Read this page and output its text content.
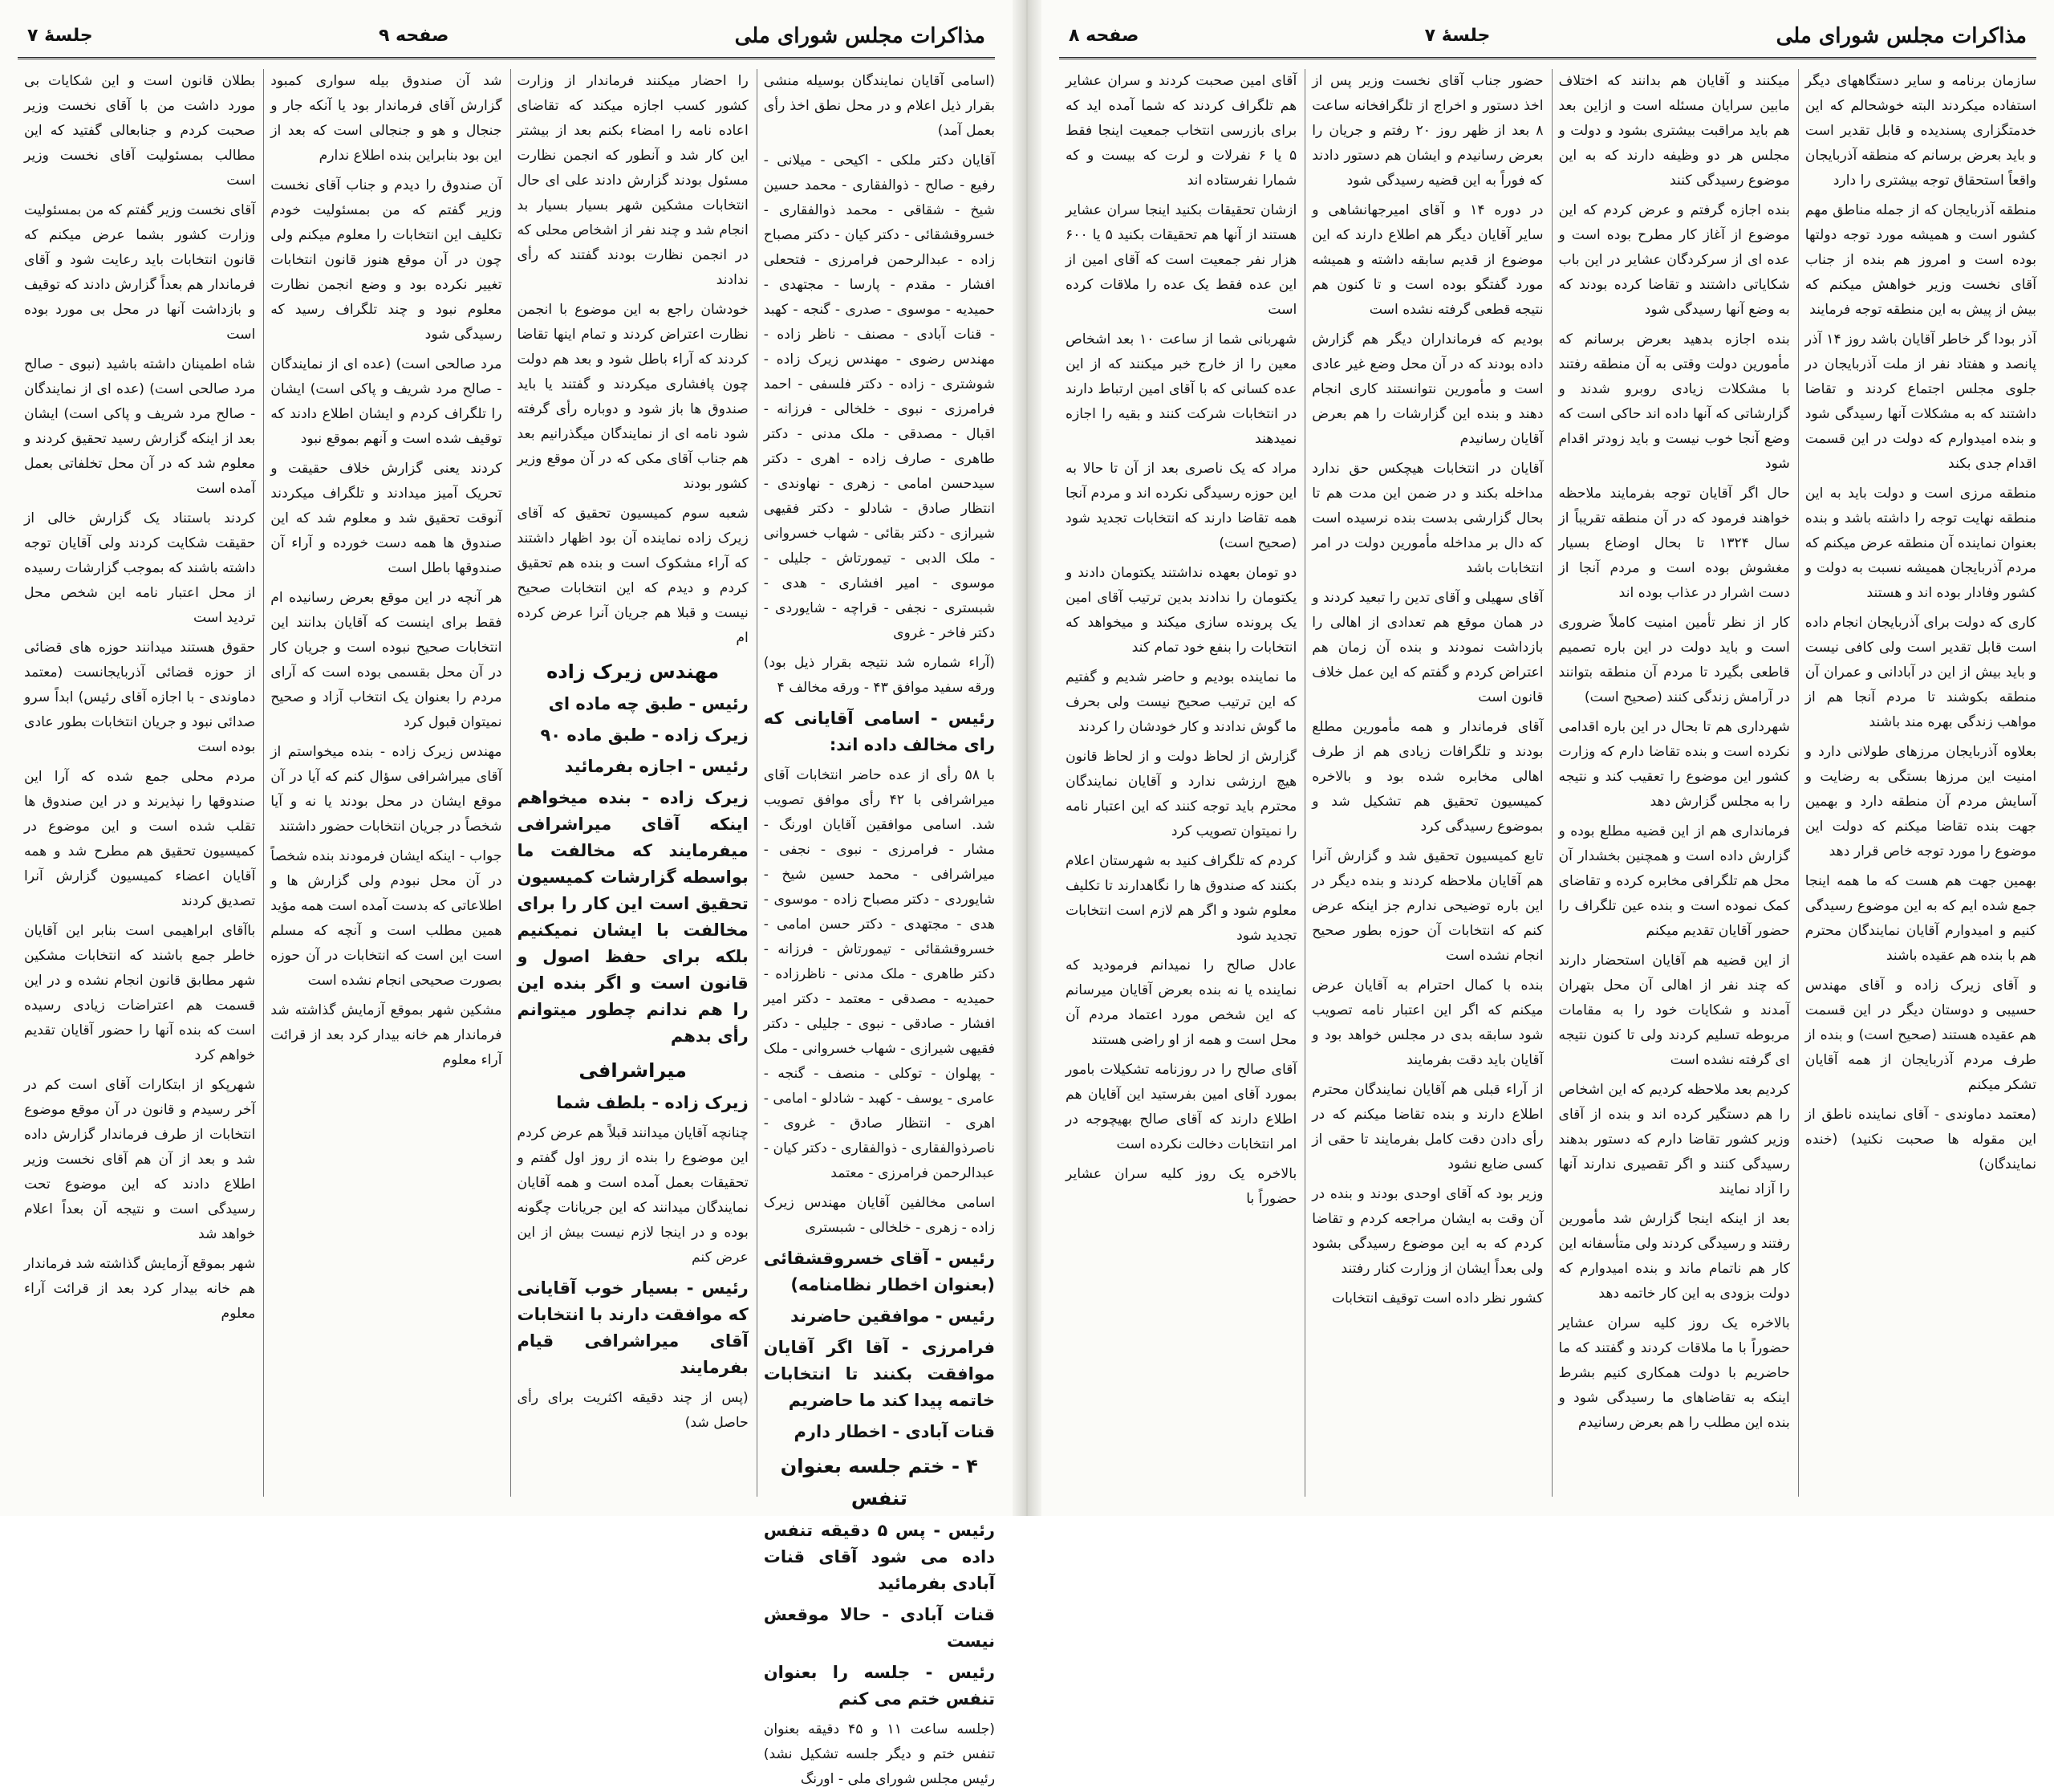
مذاکرات مجلس شورای ملی
صفحه ۹
جلسهٔ ۷

(اسامی آقایان نمایندگان بوسیله منشی بقرار ذیل اعلام و در محل نطق اخذ رأی بعمل آمد)

آقایان دکتر ملکی - اکیحی - میلانی - رفیع - صالح - ذوالفقاری - محمد حسین شیخ - شقاقی - محمد ذوالفقاری - خسروقشقائی - دکتر کیان - دکتر مصباح زاده - عبدالرحمن فرامرزی - فتحعلی افشار - مقدم - پارسا - مجتهدی - حمیدیه - موسوی - صدری - گنجه - کهبد - قنات آبادی - مصنف - ناظر زاده - مهندس رضوی - مهندس زیرک زاده - شوشتری - زاده - دکتر فلسفی - احمد فرامرزی - نبوی - خلخالی - فرزانه - اقبال - مصدقی - ملک مدنی - دکتر طاهری - صارف زاده - اهری - دکتر سیدحسن امامی - زهری - نهاوندی - انتظار صادق - شادلو - دکتر فقیهی شیرازی - دکتر بقائی - شهاب خسروانی - ملک الدبی - تیمورتاش - جلیلی - موسوی - امیر افشاری - هدی - شبستری - نجفی - قراچه - شایوردی - دکتر فاخر - غروی

(آراء شماره شد نتیجه بقرار ذیل بود) ورقه سفید موافق ۴۳ - ورقه مخالف ۴

رئیس - اسامی آقایانی که رای مخالف داده اند:

با ۵۸ رأی از عده حاضر انتخابات آقای میراشرافی با ۴۲ رأی موافق تصویب شد. اسامی موافقین آقایان اورنگ - مشار - فرامرزی - نبوی - نجفی - میراشرافی - محمد حسین شیخ - شایوردی - دکتر مصباح زاده - موسوی - هدی - مجتهدی - دکتر حسن امامی - خسروقشقائی - تیمورتاش - فرزانه - دکتر طاهری - ملک مدنی - ناظرزاده - حمیدیه - مصدقی - معتمد - دکتر امیر افشار - صادقی - نبوی - جلیلی - دکتر فقیهی شیرازی - شهاب خسروانی - ملک - پهلوان - توکلی - منصف - گنجه - عامری - یوسف - کهبد - شادلو - امامی - اهری - انتظار صادق - غروی - ناصرذوالفقاری - ذوالفقاری - دکتر کیان - عبدالرحمن فرامرزی - معتمد

اسامی مخالفین آقایان مهندس زیرک زاده - زهری - خلخالی - شبستری

رئیس - آقای خسروقشقائی (بعنوان اخطار نظامنامه)

رئیس - موافقین حاضرند

فرامرزی - آقا اگر آقایان موافقت بکنند تا انتخابات خاتمه پیدا کند ما حاضریم

قنات آبادی - اخطار دارم

۴ - ختم جلسه بعنوان تنفس

رئیس - پس ۵ دقیقه تنفس داده می شود آقای قنات آبادی بفرمائید

قنات آبادی - حالا موقعش نیست

رئیس - جلسه را بعنوان تنفس ختم می کنم

(جلسه ساعت ۱۱ و ۴۵ دقیقه بعنوان تنفس ختم و دیگر جلسه تشکیل نشد) رئیس مجلس شورای ملی - اورنگ

را احضار میکنند فرماندار از وزارت کشور کسب اجازه میکند که تقاضای اعاده نامه را امضاء بکنم بعد از بیشتر این کار شد و آنطور که انجمن نظارت مسئول بودند گزارش دادند علی ای حال انتخابات مشکین شهر بسیار بسیار بد انجام شد و چند نفر از اشخاص محلی که در انجمن نظارت بودند گفتند که رأی ندادند

خودشان راجع به این موضوع با انجمن نظارت اعتراض کردند و تمام اینها تقاضا کردند که آراء باطل شود و بعد هم دولت چون پافشاری میکردند و گفتند یا باید صندوق ها باز شود و دوباره رأی گرفته شود نامه ای از نمایندگان میگذرانیم بعد هم جناب آقای مکی که در آن موقع وزیر کشور بودند

شعبه سوم کمیسیون تحقیق که آقای زیرک زاده نماینده آن بود اظهار داشتند که آراء مشکوک است و بنده هم تحقیق کردم و دیدم که این انتخابات صحیح نیست و قبلا هم جریان آنرا عرض کرده ام

مهندس زیرک زاده

رئیس - طبق چه ماده ای

زیرک زاده - طبق ماده ۹۰

رئیس - اجازه بفرمائید

زیرک زاده - بنده میخواهم اینکه آقای میراشرافی میفرمایند که مخالفت ما بواسطه گزارشات کمیسیون تحقیق است این کار را برای مخالفت با ایشان نمیکنیم بلکه برای حفظ اصول و قانون است و اگر بنده این را هم ندانم چطور میتوانم رأی بدهم

میراشرافی

زیرک زاده - بلطف شما

چنانچه آقایان میدانند قبلاً هم عرض کردم این موضوع را بنده از روز اول گفتم و تحقیقات بعمل آمده است و همه آقایان نمایندگان میدانند که این جریانات چگونه بوده و در اینجا لازم نیست بیش از این عرض کنم

رئیس - بسیار خوب آقایانی که موافقت دارند با انتخابات آقای میراشرافی قیام بفرمایند

(پس از چند دقیقه اکثریت برای رأی حاصل شد)

شد آن صندوق بیله سواری کمبود گزارش آقای فرماندار بود یا آنکه جار و جنجال و هو و جنجالی است که بعد از این بود بنابراین بنده اطلاع ندارم

آن صندوق را دیدم و جناب آقای نخست وزیر گفتم که من بمسئولیت خودم تکلیف این انتخابات را معلوم میکنم ولی چون در آن موقع هنوز قانون انتخابات تغییر نکرده بود و وضع انجمن نظارت معلوم نبود و چند تلگراف رسید که رسیدگی شود

مرد صالحی است) (عده ای از نمایندگان - صالح مرد شریف و پاکی است) ایشان را تلگراف کردم و ایشان اطلاع دادند که توقیف شده است و آنهم بموقع نبود

کردند یعنی گزارش خلاف حقیقت و تحریک آمیز میدادند و تلگراف میکردند آنوقت تحقیق شد و معلوم شد که این صندوق ها همه دست خورده و آراء آن صندوقها باطل است

هر آنچه در این موقع بعرض رسانیده ام فقط برای اینست که آقایان بدانند این انتخابات صحیح نبوده است و جریان کار در آن محل بقسمی بوده است که آرای مردم را بعنوان یک انتخاب آزاد و صحیح نمیتوان قبول کرد

مهندس زیرک زاده - بنده میخواستم از آقای میراشرافی سؤال کنم که آیا در آن موقع ایشان در محل بودند یا نه و آیا شخصاً در جریان انتخابات حضور داشتند

جواب - اینکه ایشان فرمودند بنده شخصاً در آن محل نبودم ولی گزارش ها و اطلاعاتی که بدست آمده است همه مؤید همین مطلب است و آنچه که مسلم است این است که انتخابات در آن حوزه بصورت صحیحی انجام نشده است

مشکین شهر بموقع آزمایش گذاشته شد فرماندار هم خانه بیدار کرد بعد از قرائت آراء معلوم

بطلان قانون است و این شکایات بی مورد داشت من با آقای نخست وزیر صحبت کردم و جنابعالی گفتید که این مطالب بمسئولیت آقای نخست وزیر است

آقای نخست وزیر گفتم که من بمسئولیت وزارت کشور بشما عرض میکنم که قانون انتخابات باید رعایت شود و آقای فرماندار هم بعداً گزارش دادند که توقیف و بازداشت آنها در محل بی مورد بوده است

شاه اطمینان داشته باشید (نبوی - صالح مرد صالحی است) (عده ای از نمایندگان - صالح مرد شریف و پاکی است) ایشان بعد از اینکه گزارش رسید تحقیق کردند و معلوم شد که در آن محل تخلفاتی بعمل آمده است

کردند باستناد یک گزارش خالی از حقیقت شکایت کردند ولی آقایان توجه داشته باشند که بموجب گزارشات رسیده از محل اعتبار نامه این شخص محل تردید است

حقوق هستند میدانند حوزه های قضائی از حوزه قضائی آذربایجانست (معتمد دماوندی - با اجازه آقای رئیس) ابداً سرو صدائی نبود و جریان انتخابات بطور عادی بوده است

مردم محلی جمع شده که آرا این صندوقها را نپذیرند و در این صندوق ها تقلب شده است و این موضوع در کمیسیون تحقیق هم مطرح شد و همه آقایان اعضاء کمیسیون گزارش آنرا تصدیق کردند

باآقای ابراهیمی است بنابر این آقایان خاطر جمع باشند که انتخابات مشکین شهر مطابق قانون انجام نشده و در این قسمت هم اعتراضات زیادی رسیده است که بنده آنها را حضور آقایان تقدیم خواهم کرد

شهرپکو از ابتکارات آقای است کم در آخر رسیدم و قانون در آن موقع موضوع انتخابات از طرف فرماندار گزارش داده شد و بعد از آن هم آقای نخست وزیر اطلاع دادند که این موضوع تحت رسیدگی است و نتیجه آن بعداً اعلام خواهد شد

شهر بموقع آزمایش گذاشته شد فرماندار هم خانه بیدار کرد بعد از قرائت آراء معلوم

مذاکرات مجلس شورای ملی
جلسهٔ ۷
صفحه ۸

سازمان برنامه و سایر دستگاههای دیگر استفاده میکردند البته خوشحالم که این خدمتگزاری پسندیده و قابل تقدیر است و باید بعرض برسانم که منطقه آذربایجان واقعاً استحقاق توجه بیشتری را دارد

منطقه آذربایجان که از جمله مناطق مهم کشور است و همیشه مورد توجه دولتها بوده است و امروز هم بنده از جناب آقای نخست وزیر خواهش میکنم که بیش از پیش به این منطقه توجه فرمایند

آذر بودا گر خاطر آقایان باشد روز ۱۴ آذر پانصد و هفتاد نفر از ملت آذربایجان در جلوی مجلس اجتماع کردند و تقاضا داشتند که به مشکلات آنها رسیدگی شود و بنده امیدوارم که دولت در این قسمت اقدام جدی بکند

منطقه مرزی است و دولت باید به این منطقه نهایت توجه را داشته باشد و بنده بعنوان نماینده آن منطقه عرض میکنم که مردم آذربایجان همیشه نسبت به دولت و کشور وفادار بوده اند و هستند

کاری که دولت برای آذربایجان انجام داده است قابل تقدیر است ولی کافی نیست و باید بیش از این در آبادانی و عمران آن منطقه بکوشند تا مردم آنجا هم از مواهب زندگی بهره مند باشند

بعلاوه آذربایجان مرزهای طولانی دارد و امنیت این مرزها بستگی به رضایت و آسایش مردم آن منطقه دارد و بهمین جهت بنده تقاضا میکنم که دولت این موضوع را مورد توجه خاص قرار دهد

بهمین جهت هم هست که ما همه اینجا جمع شده ایم که به این موضوع رسیدگی کنیم و امیدوارم آقایان نمایندگان محترم هم با بنده هم عقیده باشند

و آقای زیرک زاده و آقای مهندس حسیبی و دوستان دیگر در این قسمت هم عقیده هستند (صحیح است) و بنده از طرف مردم آذربایجان از همه آقایان تشکر میکنم

(معتمد دماوندی - آقای نماینده ناطق از این مقوله ها صحبت نکنید) (خنده نمایندگان)

میکنند و آقایان هم بدانند که اختلاف مابین سرایان مسئله است و ازاین بعد هم باید مراقبت بیشتری بشود و دولت و مجلس هر دو وظیفه دارند که به این موضوع رسیدگی کنند

بنده اجازه گرفتم و عرض کردم که این موضوع از آغاز کار مطرح بوده است و عده ای از سرکردگان عشایر در این باب شکایاتی داشتند و تقاضا کرده بودند که به وضع آنها رسیدگی شود

بنده اجازه بدهید بعرض برسانم که مأمورین دولت وقتی به آن منطقه رفتند با مشکلات زیادی روبرو شدند و گزارشاتی که آنها داده اند حاکی است که وضع آنجا خوب نیست و باید زودتر اقدام شود

حال اگر آقایان توجه بفرمایند ملاحظه خواهند فرمود که در آن منطقه تقریباً از سال ۱۳۲۴ تا بحال اوضاع بسیار مغشوش بوده است و مردم آنجا از دست اشرار در عذاب بوده اند

کار از نظر تأمین امنیت کاملاً ضروری است و باید دولت در این باره تصمیم قاطعی بگیرد تا مردم آن منطقه بتوانند در آرامش زندگی کنند (صحیح است)

شهرداری هم تا بحال در این باره اقدامی نکرده است و بنده تقاضا دارم که وزارت کشور این موضوع را تعقیب کند و نتیجه را به مجلس گزارش دهد

فرمانداری هم از این قضیه مطلع بوده و گزارش داده است و همچنین بخشدار آن محل هم تلگرافی مخابره کرده و تقاضای کمک نموده است و بنده عین تلگراف را حضور آقایان تقدیم میکنم

از این قضیه هم آقایان استحضار دارند که چند نفر از اهالی آن محل بتهران آمدند و شکایات خود را به مقامات مربوطه تسلیم کردند ولی تا کنون نتیجه ای گرفته نشده است

کردیم بعد ملاحظه کردیم که این اشخاص را هم دستگیر کرده اند و بنده از آقای وزیر کشور تقاضا دارم که دستور بدهند رسیدگی کنند و اگر تقصیری ندارند آنها را آزاد نمایند

بعد از اینکه اینجا گزارش شد مأمورین رفتند و رسیدگی کردند ولی متأسفانه این کار هم ناتمام ماند و بنده امیدوارم که دولت بزودی به این کار خاتمه دهد

بالاخره یک روز کلیه سران عشایر حضوراً با ما ملاقات کردند و گفتند که ما حاضریم با دولت همکاری کنیم بشرط اینکه به تقاضاهای ما رسیدگی شود و بنده این مطلب را هم بعرض رسانیدم

حضور جناب آقای نخست وزیر پس از اخذ دستور و اخراج از تلگرافخانه ساعت ۸ بعد از ظهر روز ۲۰ رفتم و جریان را بعرض رسانیدم و ایشان هم دستور دادند که فوراً به این قضیه رسیدگی شود

در دوره ۱۴ و آقای امیرجهانشاهی و سایر آقایان دیگر هم اطلاع دارند که این موضوع از قدیم سابقه داشته و همیشه مورد گفتگو بوده است و تا کنون هم نتیجه قطعی گرفته نشده است

بودیم که فرمانداران دیگر هم گزارش داده بودند که در آن محل وضع غیر عادی است و مأمورین نتوانستند کاری انجام دهند و بنده این گزارشات را هم بعرض آقایان رسانیدم

آقایان در انتخابات هیچکس حق ندارد مداخله بکند و در ضمن این مدت هم تا بحال گزارشی بدست بنده نرسیده است که دال بر مداخله مأمورین دولت در امر انتخابات باشد

آقای سهیلی و آقای تدین را تبعید کردند و در همان موقع هم تعدادی از اهالی را بازداشت نمودند و بنده آن زمان هم اعتراض کردم و گفتم که این عمل خلاف قانون است

آقای فرماندار و همه مأمورین مطلع بودند و تلگرافات زیادی هم از طرف اهالی مخابره شده بود و بالاخره کمیسیون تحقیق هم تشکیل شد و بموضوع رسیدگی کرد

تابع کمیسیون تحقیق شد و گزارش آنرا هم آقایان ملاحظه کردند و بنده دیگر در این باره توضیحی ندارم جز اینکه عرض کنم که انتخابات آن حوزه بطور صحیح انجام نشده است

بنده با کمال احترام به آقایان عرض میکنم که اگر این اعتبار نامه تصویب شود سابقه بدی در مجلس خواهد بود و آقایان باید دقت بفرمایند

از آراء قبلی هم آقایان نمایندگان محترم اطلاع دارند و بنده تقاضا میکنم که در رأی دادن دقت کامل بفرمایند تا حقی از کسی ضایع نشود

وزیر بود که آقای اوحدی بودند و بنده در آن وقت به ایشان مراجعه کردم و تقاضا کردم که به این موضوع رسیدگی بشود ولی بعداً ایشان از وزارت کنار رفتند

کشور نظر داده است توقیف انتخابات

آقای امین صحبت کردند و سران عشایر هم تلگراف کردند که شما آمده اید که برای بازرسی انتخاب جمعیت اینجا فقط ۵ یا ۶ نفرلات و لرت که بیست و که شمارا نفرستاده اند

ازشان تحقیقات بکنید اینجا سران عشایر هستند از آنها هم تحقیقات بکنید ۵ یا ۶۰۰ هزار نفر جمعیت است که آقای امین از این عده فقط یک عده را ملاقات کرده است

شهربانی شما از ساعت ۱۰ بعد اشخاص معین را از خارج خبر میکنند که از این عده کسانی که با آقای امین ارتباط دارند در انتخابات شرکت کنند و بقیه را اجازه نمیدهند

مراد که یک ناصری بعد از آن تا حالا به این حوزه رسیدگی نکرده اند و مردم آنجا همه تقاضا دارند که انتخابات تجدید شود (صحیح است)

دو تومان بعهده نداشتند یکتومان دادند و یکتومان را ندادند بدین ترتیب آقای امین یک پرونده سازی میکند و میخواهد که انتخابات را بنفع خود تمام کند

ما نماینده بودیم و حاضر شدیم و گفتیم که این ترتیب صحیح نیست ولی بحرف ما گوش ندادند و کار خودشان را کردند

گزارش از لحاظ دولت و از لحاظ قانون هیچ ارزشی ندارد و آقایان نمایندگان محترم باید توجه کنند که این اعتبار نامه را نمیتوان تصویب کرد

کردم که تلگراف کنید به شهرستان اعلام بکنند که صندوق ها را نگاهدارند تا تکلیف معلوم شود و اگر هم لازم است انتخابات تجدید شود

عادل صالح را نمیدانم فرمودید که نماینده یا نه بنده بعرض آقایان میرسانم که این شخص مورد اعتماد مردم آن محل است و همه از او راضی هستند

آقای صالح را در روزنامه تشکیلات بامور بمورد آقای امین بفرستید این آقایان هم اطلاع دارند که آقای صالح بهیچوجه در امر انتخابات دخالت نکرده است

بالاخره یک روز کلیه سران عشایر حضوراً با
